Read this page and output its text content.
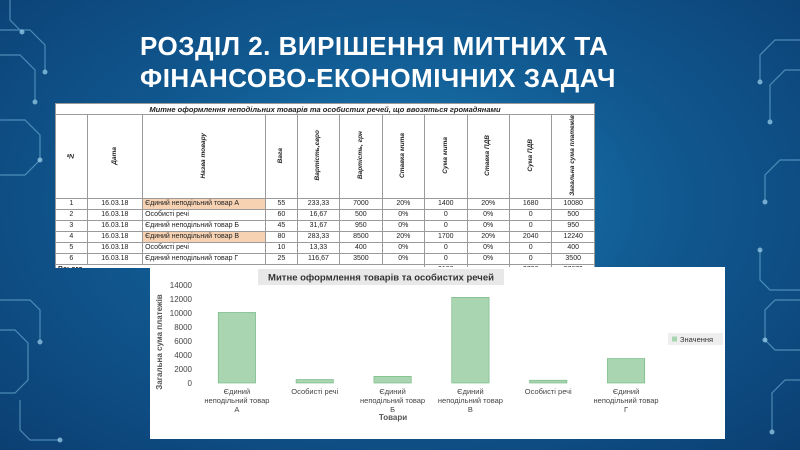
РОЗДІЛ 2. ВИРІШЕННЯ МИТНИХ ТА
ФІНАНСОВО-ЕКОНОМІЧНИХ ЗАДАЧ
Митне оформлення неподільних товарів та особистих речей, що ввозяться громадянами										
№	Дата	Назва товару	Вага	Вартість,євро	Вартість, грн	Ставка мита	Сума мита	Ставка ПДВ	Сума ПДВ	Загальна сума платежів
1	16.03.18	Єдиний неподільний товар А	55	233,33	7000	20%	1400	20%	1680	10080
2	16.03.18	Особисті речі	60	16,67	500	0%	0	0%	0	500
3	16.03.18	Єдиний неподільний товар Б	45	31,67	950	0%	0	0%	0	950
4	16.03.18	Єдиний неподільний товар В	80	283,33	8500	20%	1700	20%	2040	12240
5	16.03.18	Особисті речі	10	13,33	400	0%	0	0%	0	400
6	16.03.18	Єдиний неподільний товар Г	25	116,67	3500	0%	0	0%	0	3500

Митне оформлення товарів та особистих речей
Загальна сума платежів
Товари
Значення
0
2000
4000
6000
8000
10000
12000
14000
Єдиний
неподільний товар
А
Особисті речі	Єдиний
неподільний товар
Б
Єдиний
неподільний товар
В
Особисті речі	Єдиний
неподільний товар
Г
